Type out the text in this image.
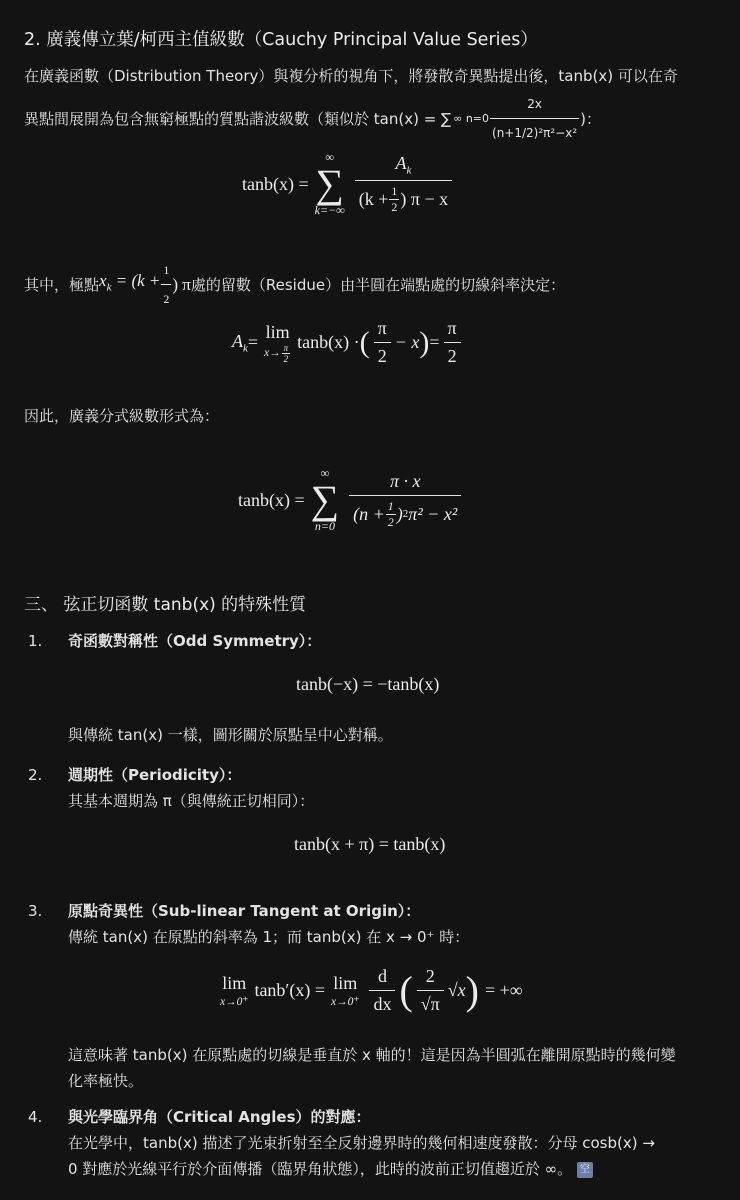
2. 廣義傳立葉/柯西主值級數（Cauchy Principal Value Series）
在廣義函數（Distribution Theory）與複分析的視角下，將發散奇異點提出後，tanb(x) 可以在奇
異點間展開為包含無窮極點的質點諧波級數（類似於 tan(x) = ∑ ∞ $n=0 \frac{2x}{\text{(n+1/2)²π²−x²}}$ )：
tanb(x) =
∞
∑
$k=-\infty \frac{A_k}{(k + \frac{1}{2} ) \pi - x}$
其中，極點 $x_k = (k + \frac{1}{2}$ ) π 處的留數（Residue）由半圓在端點處的切線斜率決定：
$A_k$ =
lim
$x\to \frac{\pi}{2}$
tanb(x) · ( $\frac{\pi}{2} - x$ ) = $\frac{\pi}{2}$
因此，廣義分式級數形式為：
tanb(x) =
∞
∑
$n=0 \frac{\pi \cdot x}{(n + \frac{1}{2} ) 2 \pi^2 - x^2}$
三、 弦正切函數 tanb(x) 的特殊性質
1. 奇函數對稱性（Odd Symmetry）：
tanb(−x) = −tanb(x)
與傳統 tan(x) 一樣，圖形關於原點呈中心對稱。
2. 週期性（Periodicity）：
其基本週期為 π（與傳統正切相同）：
tanb(x + π) = tanb(x)
3. 原點奇異性（Sub-linear Tangent at Origin）：
傳統 tan(x) 在原點的斜率為 1；而 tanb(x) 在 x → 0⁺ 時：
lim
x→0⁺
tanb′(x) = lim
$x\to 0^+ \frac{d}{dx}$ ( $\frac{2}{√\pi} √x$ ) = +∞
這意味著 tanb(x) 在原點處的切線是垂直於 x 軸的！這是因為半圓弧在離開原點時的幾何變
化率極快。
4. 與光學臨界角（Critical Angles）的對應：
在光學中，tanb(x) 描述了光束折射至全反射邊界時的幾何相速度發散：分母 cosb(x) →
0 對應於光線平行於介面傳播（臨界角狀態），此時的波前正切值趨近於 ∞。 空
